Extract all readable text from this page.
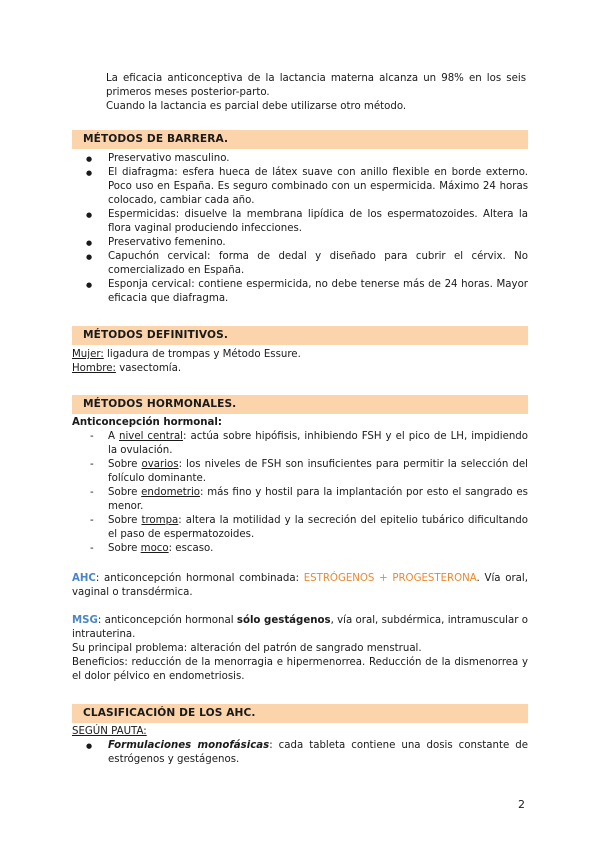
La eficacia anticonceptiva de la lactancia materna alcanza un 98% en los seis primeros meses posterior-parto.

Cuando la lactancia es parcial debe utilizarse otro método.

MÉTODOS DE BARRERA.
● Preservativo masculino.
● El diafragma: esfera hueca de látex suave con anillo flexible en borde externo. Poco uso en España. Es seguro combinado con un espermicida. Máximo 24 horas colocado, cambiar cada año.
● Espermicidas: disuelve la membrana lipídica de los espermatozoides. Altera la flora vaginal produciendo infecciones.
● Preservativo femenino.
● Capuchón cervical: forma de dedal y diseñado para cubrir el cérvix. No comercializado en España.
● Esponja cervical: contiene espermicida, no debe tenerse más de 24 horas. Mayor eficacia que diafragma.
MÉTODOS DEFINITIVOS.

Mujer: ligadura de trompas y Método Essure.

Hombre: vasectomía.

MÉTODOS HORMONALES.

Anticoncepción hormonal:

- A nivel central: actúa sobre hipófisis, inhibiendo FSH y el pico de LH, impidiendo la ovulación.
- Sobre ovarios: los niveles de FSH son insuficientes para permitir la selección del folículo dominante.
- Sobre endometrio: más fino y hostil para la implantación por esto el sangrado es menor.
- Sobre trompa: altera la motilidad y la secreción del epitelio tubárico dificultando el paso de espermatozoides.
- Sobre moco: escaso.

AHC: anticoncepción hormonal combinada: ESTRÓGENOS + PROGESTERONA. Vía oral, vaginal o transdérmica.

MSG: anticoncepción hormonal sólo gestágenos, vía oral, subdérmica, intramuscular o intrauterina.

Su principal problema: alteración del patrón de sangrado menstrual.

Beneficios: reducción de la menorragia e hipermenorrea. Reducción de la dismenorrea y el dolor pélvico en endometriosis.

CLASIFICACIÓN DE LOS AHC.

SEGÚN PAUTA:

● Formulaciones monofásicas: cada tableta contiene una dosis constante de estrógenos y gestágenos.
2
